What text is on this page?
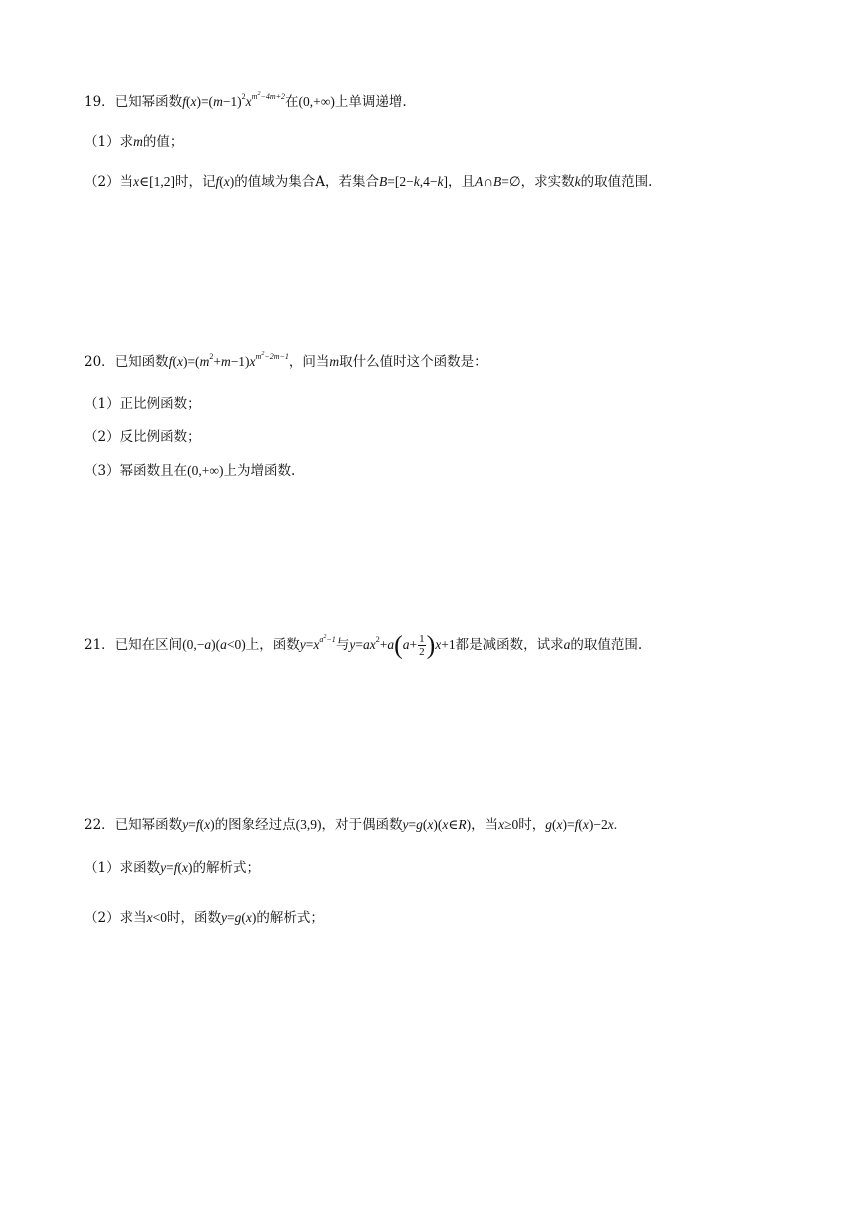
19．已知幂函数$f(x)=(m-1)^2x^{m^2-4m+2}$在(0,+∞)上单调递增.
（1）求m的值；
（2）当x∈[1,2]时，记f(x)的值域为集合A，若集合B=[2−k,4−k]，且A∩B=∅，求实数k的取值范围.
20．已知函数$f(x)=(m^2+m-1)x^{m^2-2m-1}$，问当m取什么值时这个函数是：
（1）正比例函数；
（2）反比例函数；
（3）幂函数且在(0,+∞)上为增函数.
21．已知在区间(0,−a)(a<0)上，函数$y=x^{a^2-1}$与$y=ax^2+a(a+ \frac{1}{2} )x+1$都是减函数，试求a的取值范围.
22．已知幂函数y=f(x)的图象经过点(3,9)，对于偶函数y=g(x)(x∈R)，当x≥0时，g(x)=f(x)−2x.
（1）求函数y=f(x)的解析式；
（2）求当x<0时，函数y=g(x)的解析式；
